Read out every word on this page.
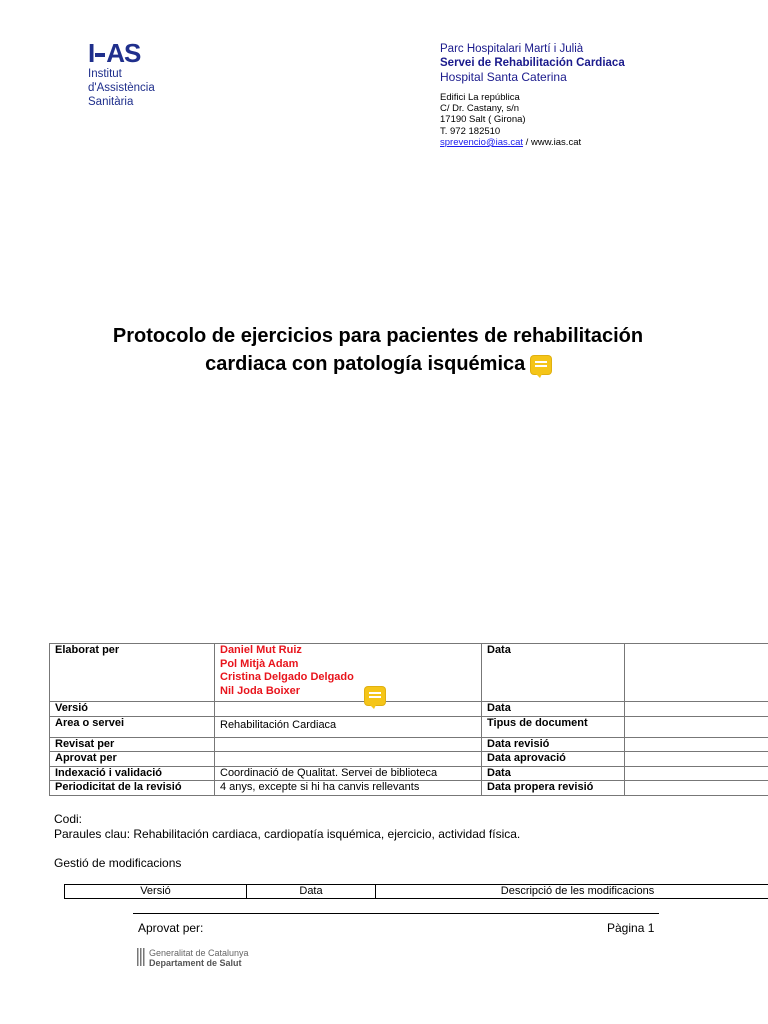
I AS
Institut
d'Assistència
Sanitària
Parc Hospitalari Martí i Julià
Servei de Rehabilitación Cardiaca
Hospital Santa Caterina
Edifici La república
C/ Dr. Castany, s/n
17190 Salt ( Girona)
T. 972 182510
sprevencio@ias.cat / www.ias.cat
Protocolo de ejercicios para pacientes de rehabilitación
cardiaca con patología isquémica
Elaborat per	Daniel Mut Ruiz
Pol Mitjà Adam
Cristina Delgado Delgado
Nil Joda Boixer	Data	
Versió		Data	
Area o servei	Rehabilitación Cardiaca	Tipus de document	
Revisat per		Data revisió	
Aprovat per		Data aprovació	
Indexació i validació	Coordinació de Qualitat. Servei de biblioteca	Data	
Periodicitat de la revisió	4 anys, excepte si hi ha canvis rellevants	Data propera revisió	
Codi:
Paraules clau: Rehabilitación cardiaca, cardiopatía isquémica, ejercicio, actividad física.
Gestió de modificacions
Versió	Data	Descripció de les modificacions
Aprovat per:	Pàgina 1
Generalitat de Catalunya
Departament de Salut
